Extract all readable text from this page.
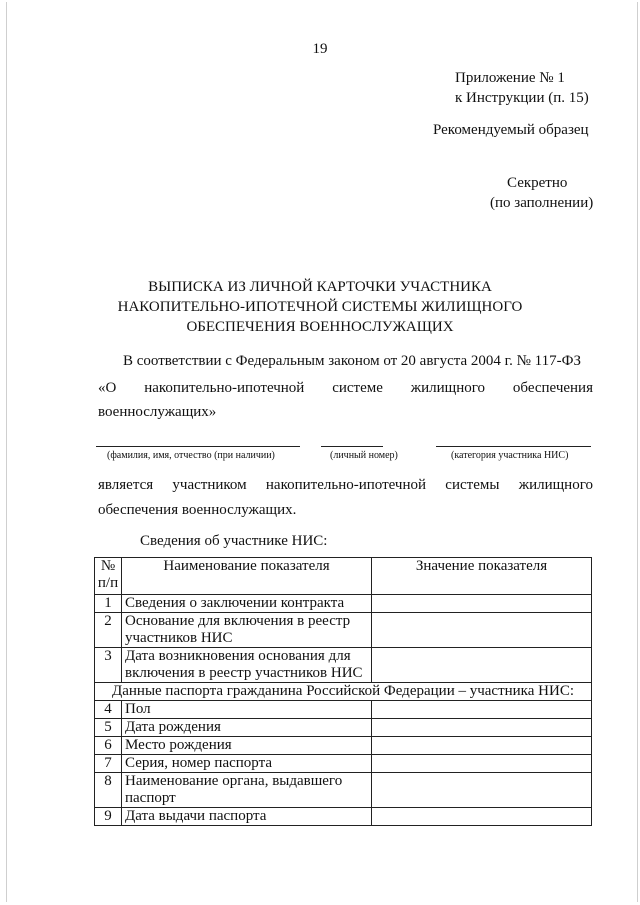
19
Приложение № 1
к Инструкции (п. 15)
Рекомендуемый образец
Секретно
(по заполнении)
ВЫПИСКА ИЗ ЛИЧНОЙ КАРТОЧКИ УЧАСТНИКА
НАКОПИТЕЛЬНО-ИПОТЕЧНОЙ СИСТЕМЫ ЖИЛИЩНОГО
ОБЕСПЕЧЕНИЯ ВОЕННОСЛУЖАЩИХ
В соответствии с Федеральным законом от 20 августа 2004 г. № 117-ФЗ
«О накопительно-ипотечной системе жилищного обеспечения
военнослужащих»
(фамилия, имя, отчество (при наличии)	(личный номер)	(категория участника НИС)
является участником накопительно-ипотечной системы жилищного
обеспечения военнослужащих.
Сведения об участнике НИС:
№ п/п	Наименование показателя	Значение показателя
1	Сведения о заключении контракта	
2	Основание для включения в реестр участников НИС	
3	Дата возникновения основания для включения в реестр участников НИС	
Данные паспорта гражданина Российской Федерации – участника НИС:		
4	Пол	
5	Дата рождения	
6	Место рождения	
7	Серия, номер паспорта	
8	Наименование органа, выдавшего паспорт	
9	Дата выдачи паспорта	
